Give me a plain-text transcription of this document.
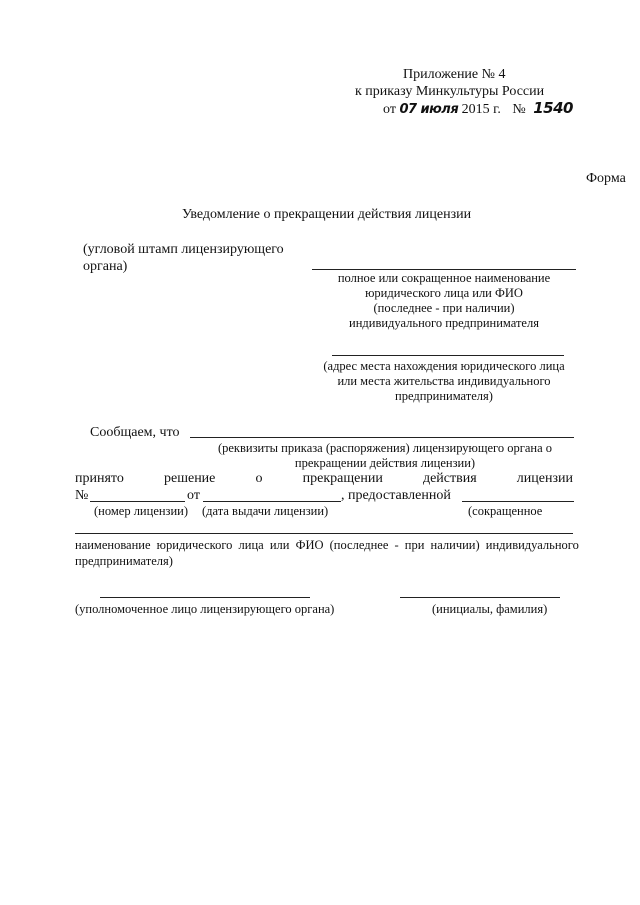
Приложение № 4
к приказу Минкультуры России
от 07 июля 2015 г. № 1540
Форма
Уведомление о прекращении действия лицензии
(угловой штамп лицензирующего
органа)
полное или сокращенное наименование
юридического лица или ФИО
(последнее - при наличии)
индивидуального предпринимателя
(адрес места нахождения юридического лица
или места жительства индивидуального
предпринимателя)
Сообщаем, что
(реквизиты приказа (распоряжения) лицензирующего органа о
прекращении действия лицензии)
принято	решение	о	прекращении	действия	лицензии
№	от	, предоставленной
(номер лицензии) (дата выдачи лицензии)	(сокращенное
наименование юридического лица или ФИО (последнее - при наличии) индивидуального
предпринимателя)
(уполномоченное лицо лицензирующего органа)	(инициалы, фамилия)
